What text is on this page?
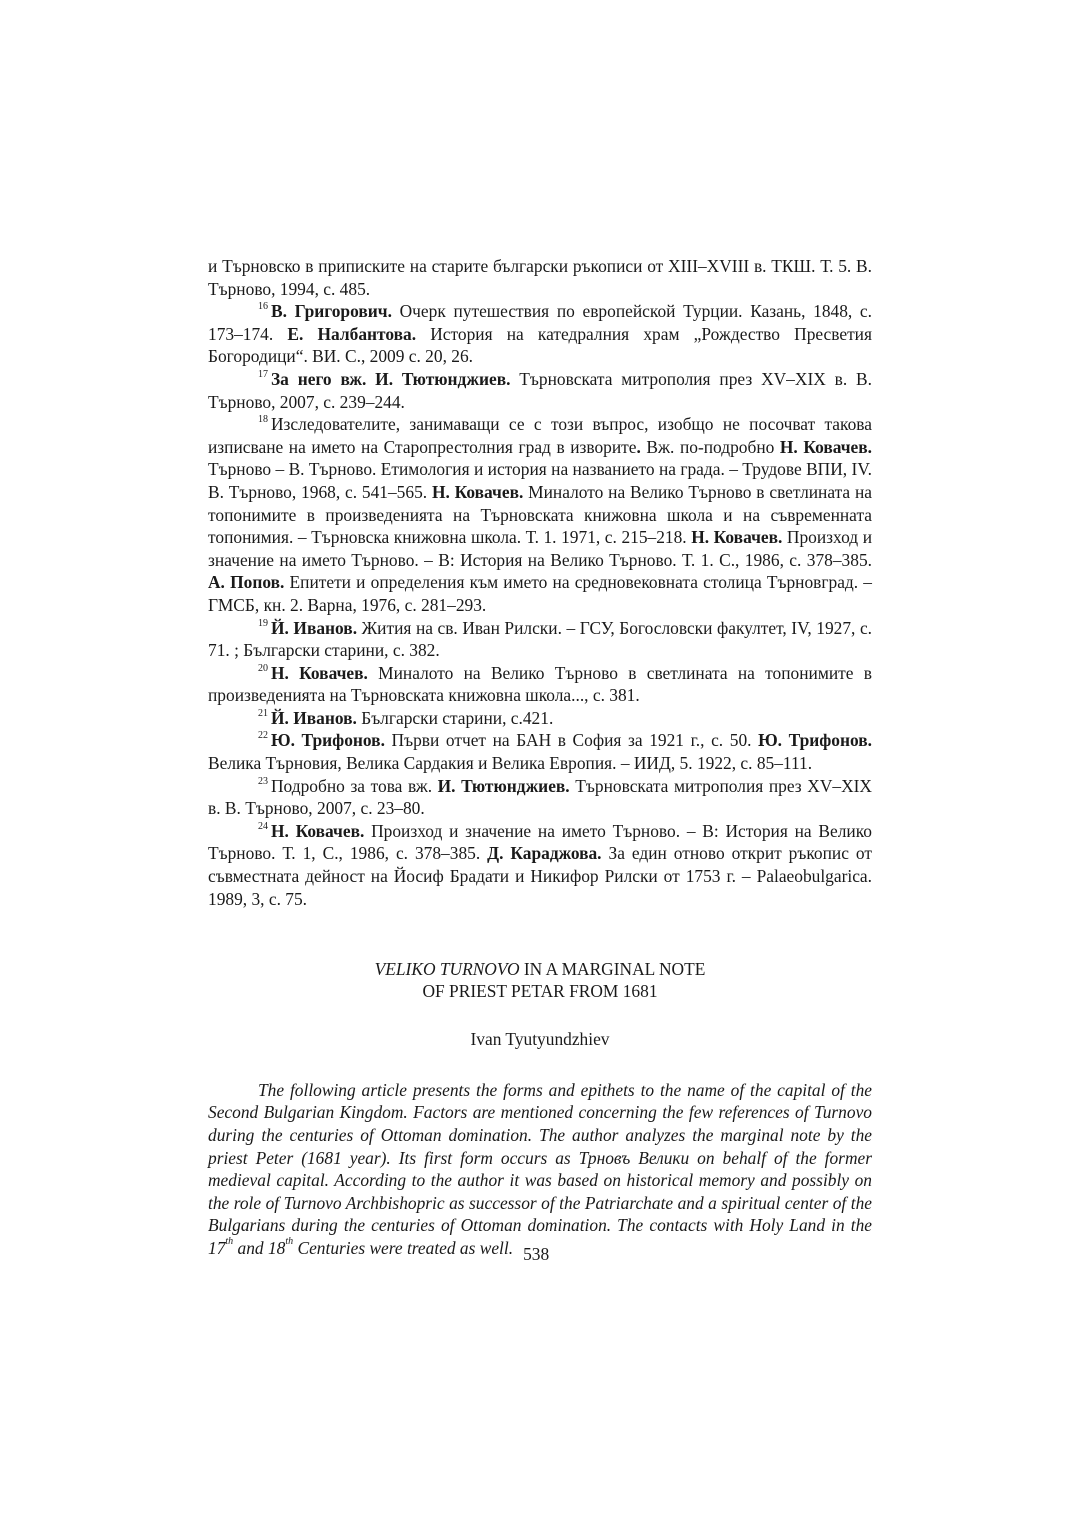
и Търновско в приписките на старите български ръкописи от XIII–XVIII в. ТКШ. Т. 5. В. Търново, 1994, с. 485.

$^{16}$ В. Григорович. Очерк путешествия по европейской Турции. Казань, 1848, с. 173–174. Е. Налбантова. История на катедралния храм „Рождество Пресветия Богородици“. ВИ. С., 2009 с. 20, 26.

$^{17}$ За него вж. И. Тютюнджиев. Търновската митрополия през XV–XIX в. В. Търново, 2007, с. 239–244.

$^{18}$ Изследователите, занимаващи се с този въпрос, изобщо не посочват такова изписване на името на Старопрестолния град в изворите. Вж. по-подробно Н. Ковачев. Търново – В. Търново. Етимология и история на названието на града. – Трудове ВПИ, IV. В. Търново, 1968, с. 541–565. Н. Ковачев. Миналото на Велико Търново в светлината на топонимите в произведенията на Търновската книжовна школа и на съвременната топонимия. – Търновска книжовна школа. Т. 1. 1971, с. 215–218. Н. Ковачев. Произход и значение на името Търново. – В: История на Велико Търново. Т. 1. С., 1986, с. 378–385. А. Попов. Епитети и определения към името на средновековната столица Търновград. – ГМСБ, кн. 2. Варна, 1976, с. 281–293.

$^{19}$ Й. Иванов. Жития на св. Иван Рилски. – ГСУ, Богословски факултет, IV, 1927, с. 71. ; Български старини, с. 382.

$^{20}$ Н. Ковачев. Миналото на Велико Търново в светлината на топонимите в произведенията на Търновската книжовна школа..., с. 381.

$^{21}$ Й. Иванов. Български старини, с.421.

$^{22}$ Ю. Трифонов. Първи отчет на БАН в София за 1921 г., с. 50. Ю. Трифонов. Велика Търновия, Велика Сардакия и Велика Европия. – ИИД, 5. 1922, с. 85–111.

$^{23}$ Подробно за това вж. И. Тютюнджиев. Търновската митрополия през XV–XIX в. В. Търново, 2007, с. 23–80.

$^{24}$ Н. Ковачев. Произход и значение на името Търново. – В: История на Велико Търново. Т. 1, С., 1986, с. 378–385. Д. Караджова. За един отново открит ръкопис от съвместната дейност на Йосиф Брадати и Никифор Рилски от 1753 г. – Palaeobulgarica. 1989, 3, с. 75.

VELIKO TURNOVO IN A MARGINAL NOTE

OF PRIEST PETAR FROM 1681

Ivan Tyutyundzhiev

The following article presents the forms and epithets to the name of the capital of the Second Bulgarian Kingdom. Factors are mentioned concerning the few references of Turnovo during the centuries of Ottoman domination. The author analyzes the marginal note by the priest Peter (1681 year). Its first form occurs as Трновъ Велики on behalf of the former medieval capital. According to the author it was based on historical memory and possibly on the role of Turnovo Archbishopric as successor of the Patriarchate and a spiritual center of the Bulgarians during the centuries of Ottoman domination. The contacts with Holy Land in the 17th and 18th Centuries were treated as well. 538
